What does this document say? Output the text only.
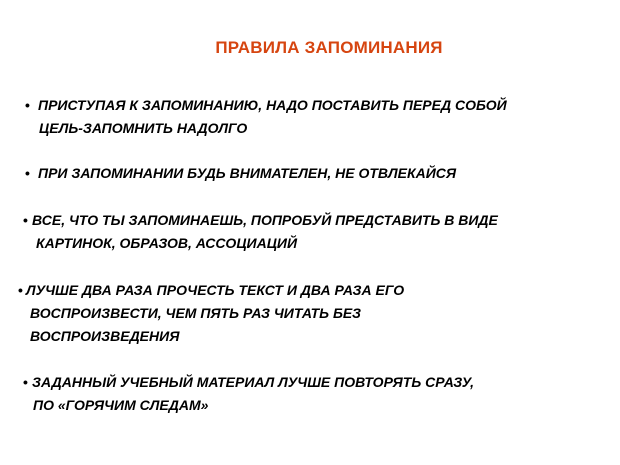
ПРАВИЛА ЗАПОМИНАНИЯ
• ПРИСТУПАЯ К ЗАПОМИНАНИЮ, НАДО ПОСТАВИТЬ ПЕРЕД СОБОЙ
ЦЕЛЬ-ЗАПОМНИТЬ НАДОЛГО
• ПРИ ЗАПОМИНАНИИ БУДЬ ВНИМАТЕЛЕН, НЕ ОТВЛЕКАЙСЯ
• ВСЕ, ЧТО ТЫ ЗАПОМИНАЕШЬ, ПОПРОБУЙ ПРЕДСТАВИТЬ В ВИДЕ
КАРТИНОК, ОБРАЗОВ, АССОЦИАЦИЙ
• ЛУЧШЕ ДВА РАЗА ПРОЧЕСТЬ ТЕКСТ И ДВА РАЗА ЕГО
ВОСПРОИЗВЕСТИ, ЧЕМ ПЯТЬ РАЗ ЧИТАТЬ БЕЗ
ВОСПРОИЗВЕДЕНИЯ
• ЗАДАННЫЙ УЧЕБНЫЙ МАТЕРИАЛ ЛУЧШЕ ПОВТОРЯТЬ СРАЗУ,
ПО «ГОРЯЧИМ СЛЕДАМ»
